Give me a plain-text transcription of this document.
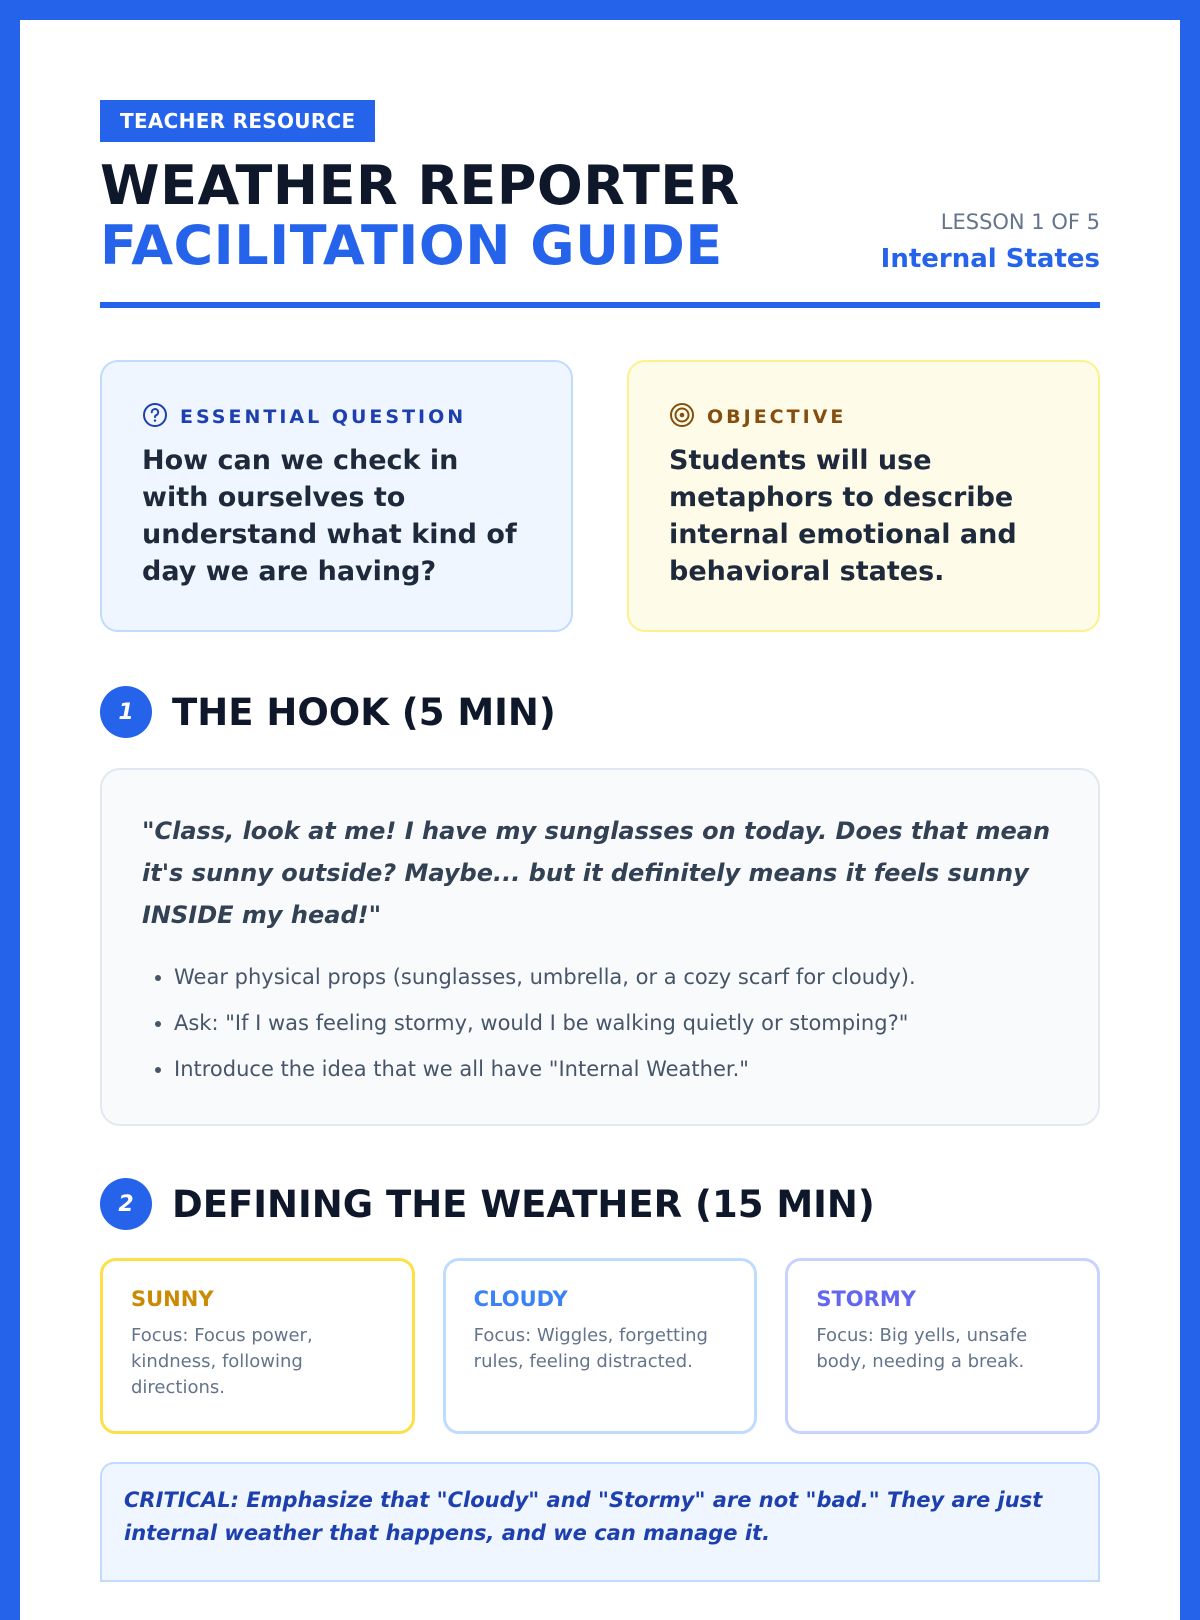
TEACHER RESOURCE
WEATHER REPORTER
FACILITATION GUIDE	LESSON 1 OF 5
Internal States
ESSENTIAL QUESTION
How can we check in with ourselves to understand what kind of day we are having?
OBJECTIVE
Students will use metaphors to describe internal emotional and behavioral states.
1	THE HOOK (5 MIN)
"Class, look at me! I have my sunglasses on today. Does that mean it's sunny outside? Maybe... but it definitely means it feels sunny INSIDE my head!"
• Wear physical props (sunglasses, umbrella, or a cozy scarf for cloudy).
• Ask: "If I was feeling stormy, would I be walking quietly or stomping?"
• Introduce the idea that we all have "Internal Weather."
2	DEFINING THE WEATHER (15 MIN)
SUNNY
Focus: Focus power, kindness, following directions.
CLOUDY
Focus: Wiggles, forgetting rules, feeling distracted.
STORMY
Focus: Big yells, unsafe body, needing a break.
CRITICAL: Emphasize that "Cloudy" and "Stormy" are not "bad." They are just internal weather that happens, and we can manage it.
